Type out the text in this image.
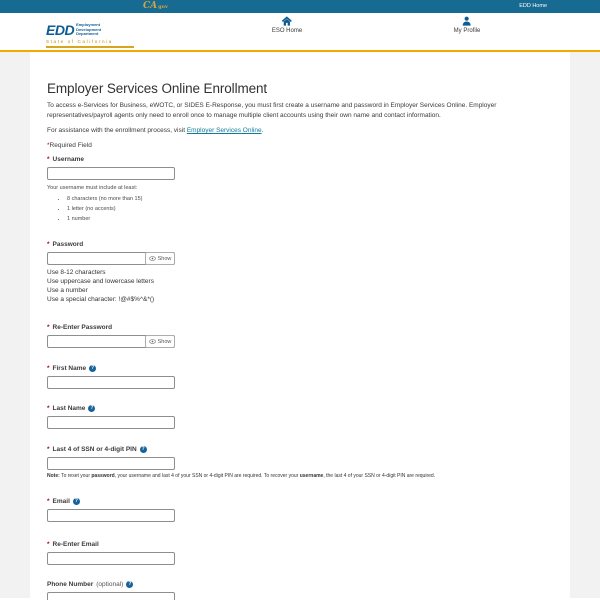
CAgov	EDD Home
EDD Employment
Development
Department
State of California
ESO Home	My Profile
Employer Services Online Enrollment

To access e-Services for Business, eWOTC, or SIDES E-Response, you must first create a username and password in Employer Services Online. Employer representatives/payroll agents only need to enroll once to manage multiple client accounts using their own name and contact information.

For assistance with the enrollment process, visit Employer Services Online.

*Required Field

* Username
Your username must include at least:
• 8 characters (no more than 15)
• 1 letter (no accents)
• 1 number
* Password
Show
Use 8-12 characters
Use uppercase and lowercase letters
Use a number
Use a special character: !@#$%^&*()
* Re-Enter Password
Show
* First Name ?
* Last Name ?
* Last 4 of SSN or 4-digit PIN ?

Note: To reset your password, your username and last 4 of your SSN or 4-digit PIN are required. To recover your username, the last 4 of your SSN or 4-digit PIN are required.

* Email ?
* Re-Enter Email
Phone Number (optional) ?
